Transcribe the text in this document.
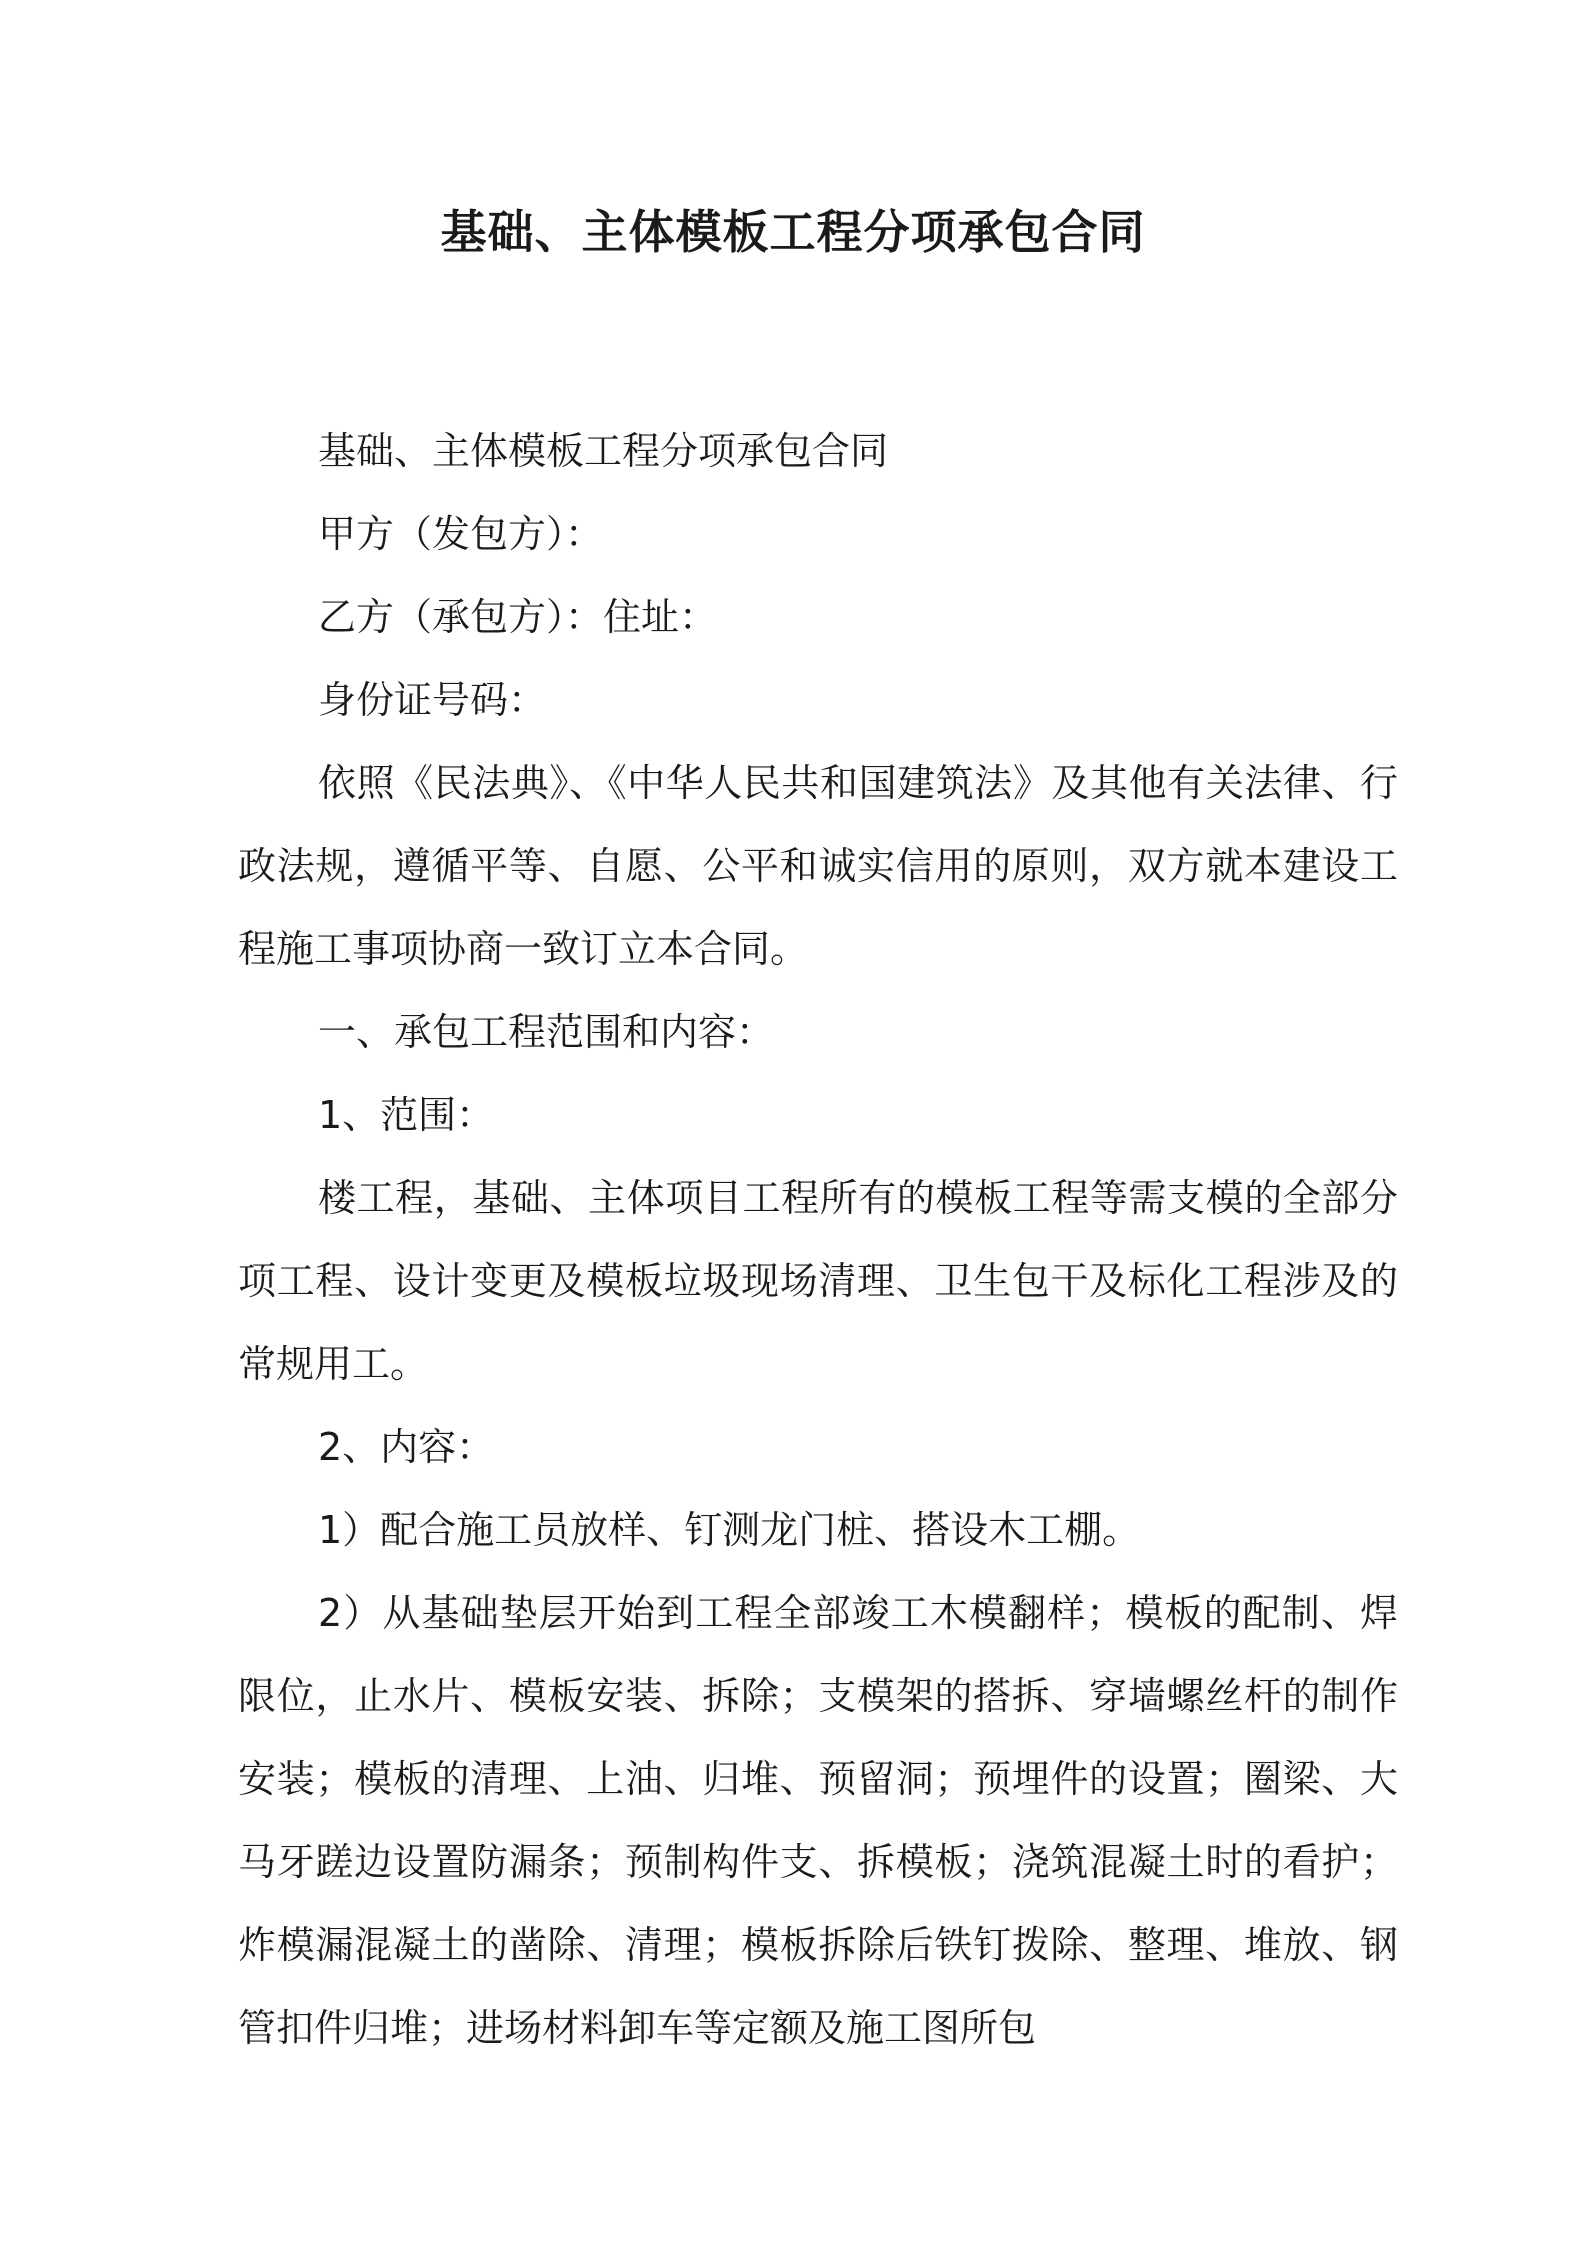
基础、主体模板工程分项承包合同

基础、主体模板工程分项承包合同

甲方（发包方）：

乙方（承包方）：住址：

身份证号码：

依照《民法典》、《中华人民共和国建筑法》及其他有关法律、行政法规，遵循平等、自愿、公平和诚实信用的原则，双方就本建设工程施工事项协商一致订立本合同。

一、承包工程范围和内容：

1、范围：

楼工程，基础、主体项目工程所有的模板工程等需支模的全部分项工程、设计变更及模板垃圾现场清理、卫生包干及标化工程涉及的常规用工。

2、内容：

1）配合施工员放样、钉测龙门桩、搭设木工棚。

2）从基础垫层开始到工程全部竣工木模翻样；模板的配制、焊限位，止水片、模板安装、拆除；支模架的搭拆、穿墙螺丝杆的制作安装；模板的清理、上油、归堆、预留洞；预埋件的设置；圈梁、大马牙蹉边设置防漏条；预制构件支、拆模板；浇筑混凝土时的看护；炸模漏混凝土的凿除、清理；模板拆除后铁钉拨除、整理、堆放、钢管扣件归堆；进场材料卸车等定额及施工图所包
